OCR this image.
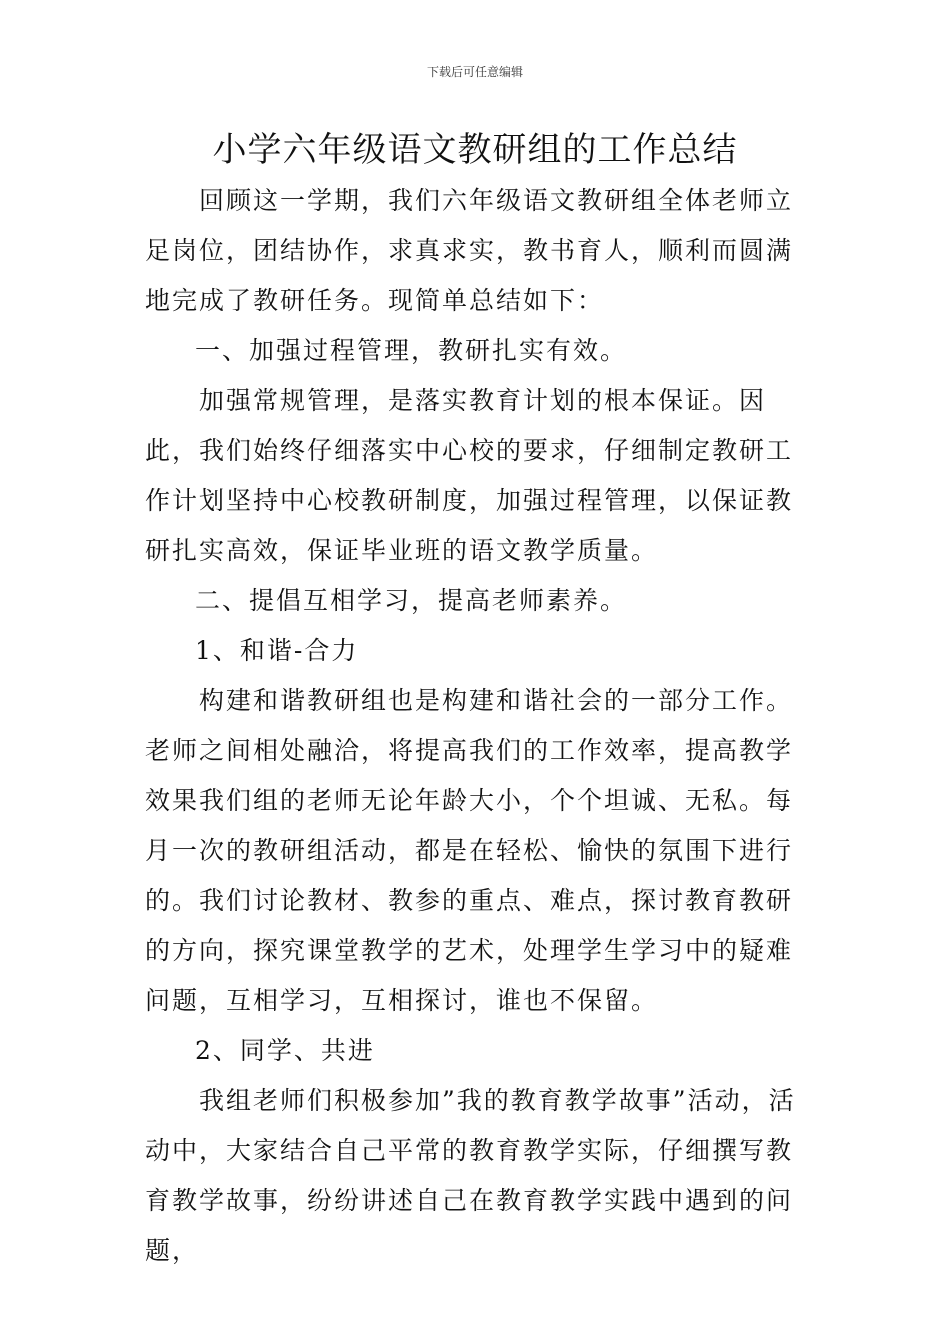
下载后可任意编辑
小学六年级语文教研组的工作总结

回顾这一学期，我们六年级语文教研组全体老师立足岗位，团结协作，求真求实，教书育人，顺利而圆满地完成了教研任务。现简单总结如下：

一、加强过程管理，教研扎实有效。

加强常规管理，是落实教育计划的根本保证。因此，我们始终仔细落实中心校的要求，仔细制定教研工作计划坚持中心校教研制度，加强过程管理，以保证教研扎实高效，保证毕业班的语文教学质量。

二、提倡互相学习，提高老师素养。

1、和谐-合力

构建和谐教研组也是构建和谐社会的一部分工作。老师之间相处融洽，将提高我们的工作效率，提高教学效果我们组的老师无论年龄大小，个个坦诚、无私。每月一次的教研组活动，都是在轻松、愉快的氛围下进行的。我们讨论教材、教参的重点、难点，探讨教育教研的方向，探究课堂教学的艺术，处理学生学习中的疑难问题，互相学习，互相探讨，谁也不保留。

2、同学、共进

我组老师们积极参加”我的教育教学故事”活动，活动中，大家结合自己平常的教育教学实际，仔细撰写教育教学故事，纷纷讲述自己在教育教学实践中遇到的问题，
